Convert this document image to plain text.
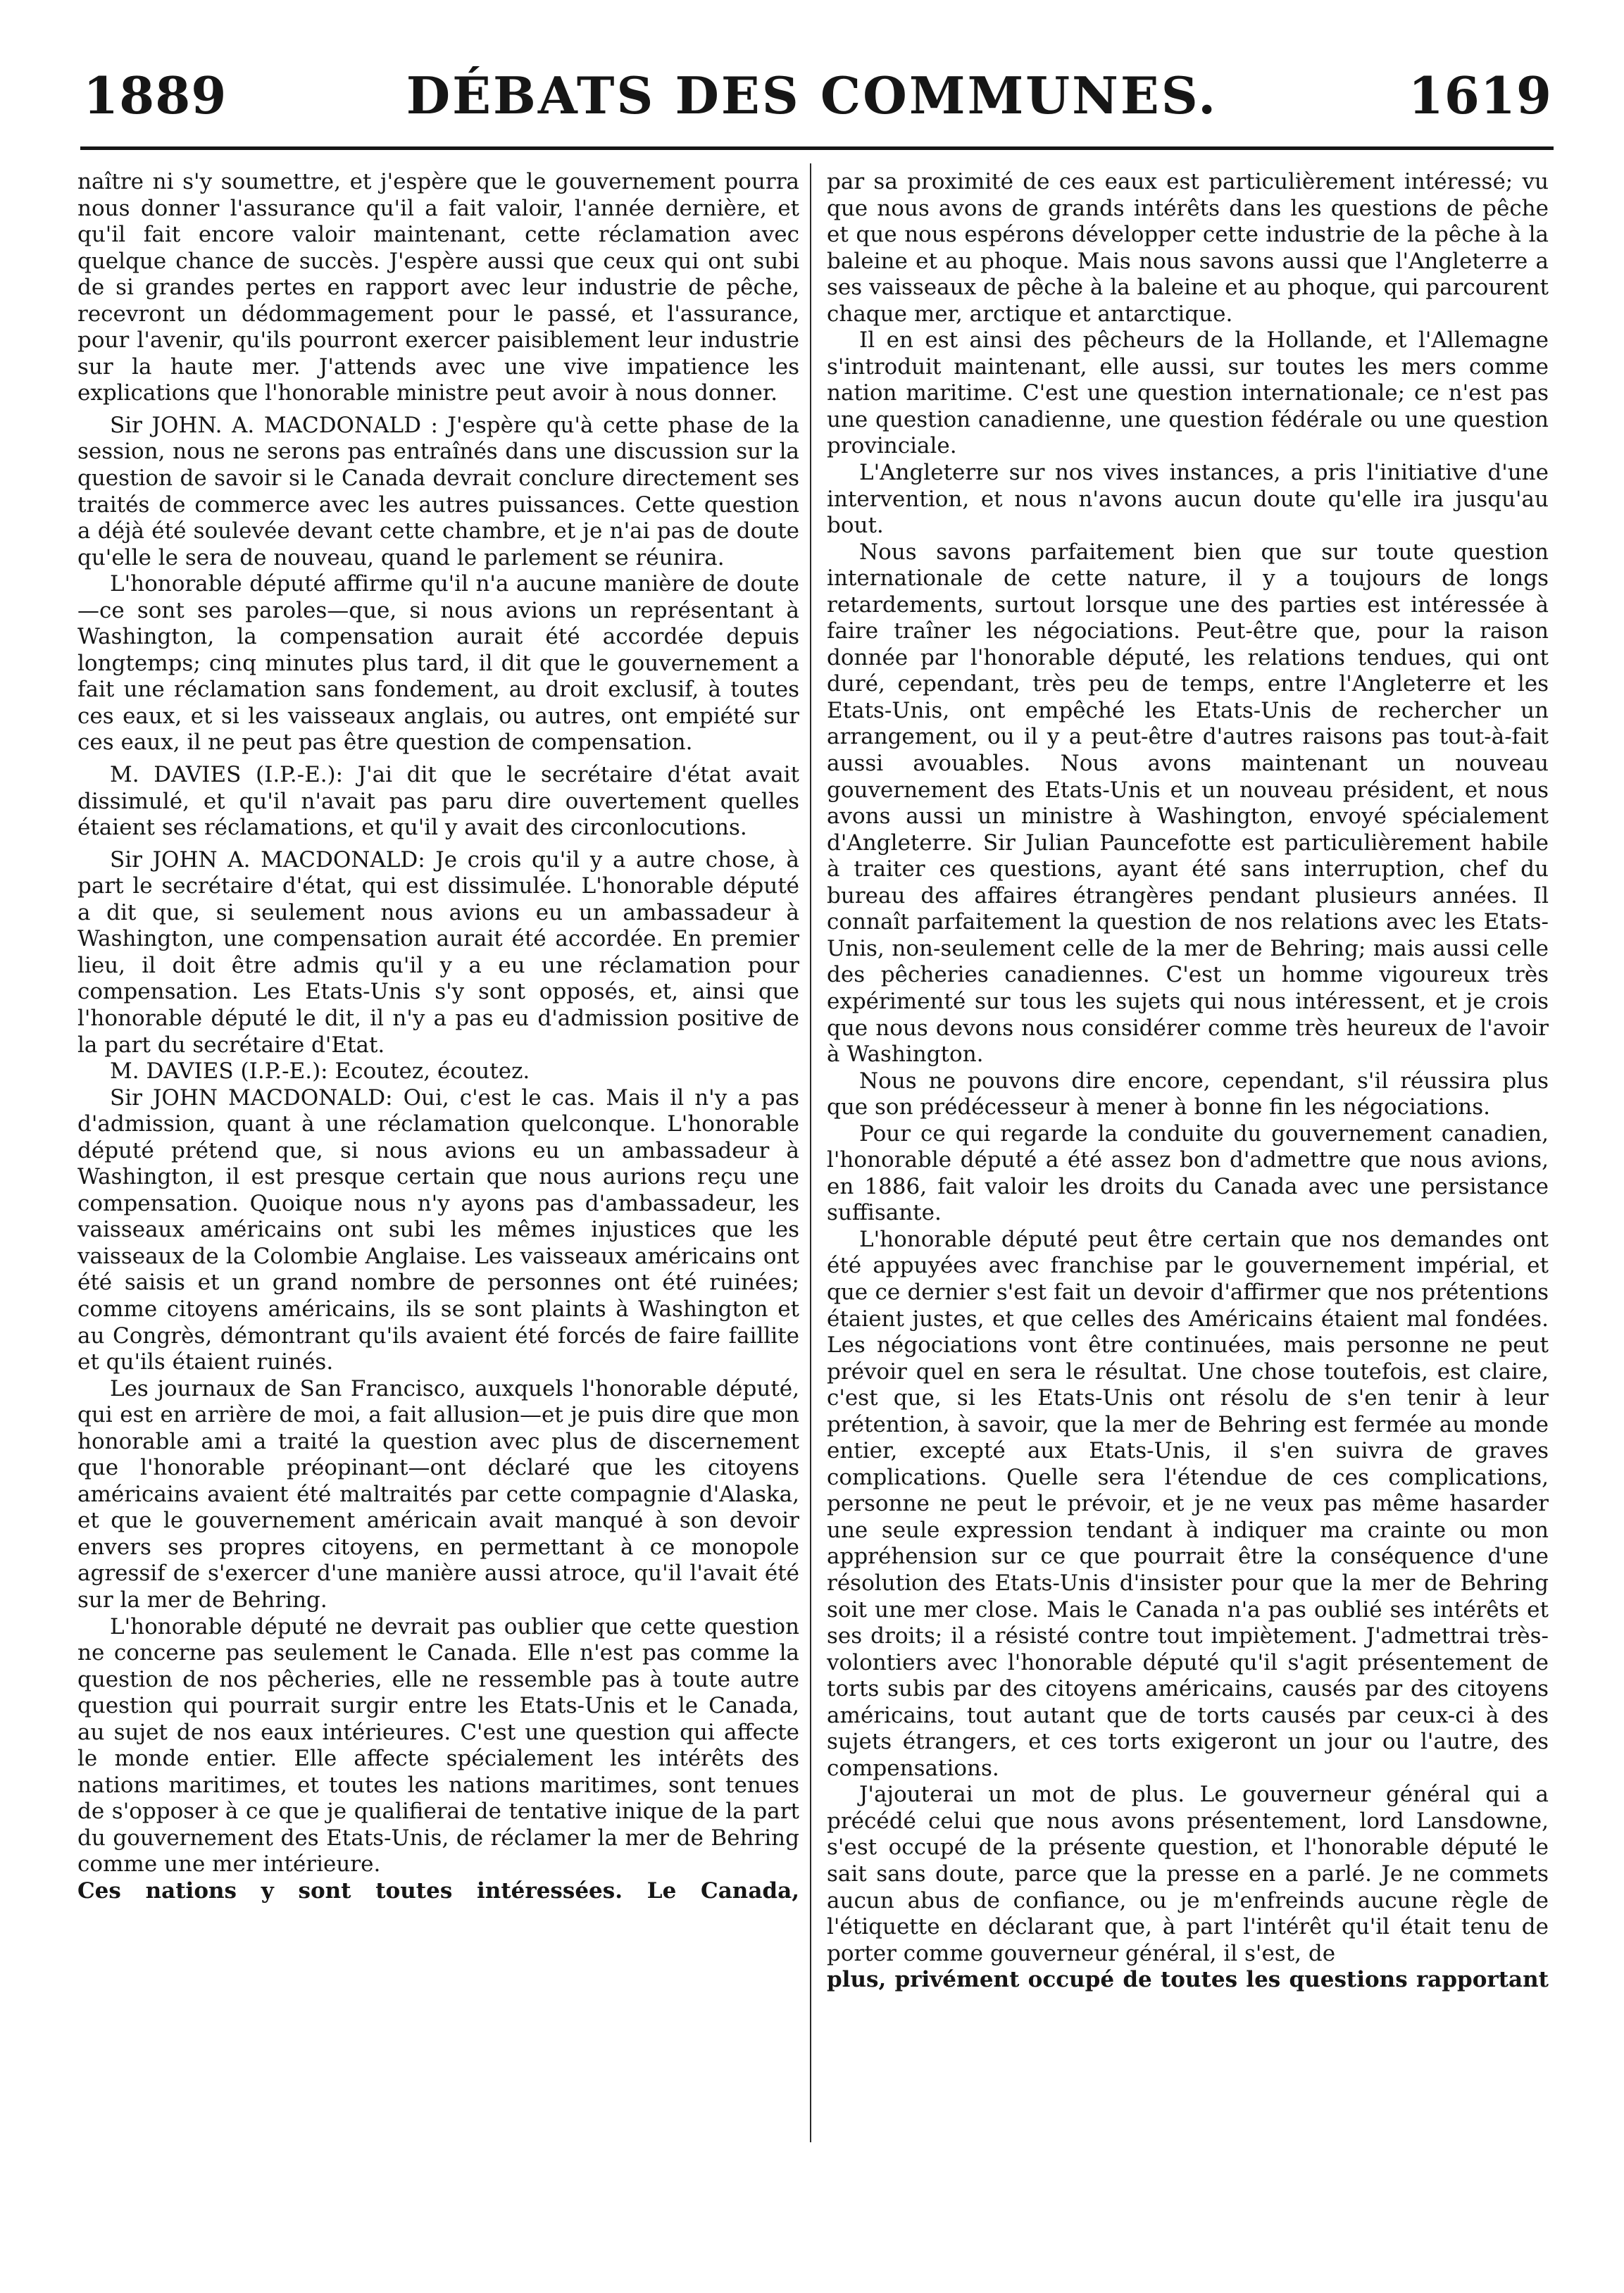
1889	DÉBATS DES COMMUNES.	1619

naître ni s'y soumettre, et j'espère que le gouvernement pourra nous donner l'assurance qu'il a fait valoir, l'année dernière, et qu'il fait encore valoir maintenant, cette réclamation avec quelque chance de succès. J'espère aussi que ceux qui ont subi de si grandes pertes en rapport avec leur industrie de pêche, recevront un dédommagement pour le passé, et l'assurance, pour l'avenir, qu'ils pourront exercer paisiblement leur industrie sur la haute mer. J'attends avec une vive impatience les explications que l'honorable ministre peut avoir à nous donner.

Sir JOHN. A. MACDONALD : J'espère qu'à cette phase de la session, nous ne serons pas entraînés dans une discussion sur la question de savoir si le Canada devrait conclure directement ses traités de commerce avec les autres puissances. Cette question a déjà été soulevée devant cette chambre, et je n'ai pas de doute qu'elle le sera de nouveau, quand le parlement se réunira.

L'honorable député affirme qu'il n'a aucune manière de doute—ce sont ses paroles—que, si nous avions un représentant à Washington, la compensation aurait été accordée depuis longtemps; cinq minutes plus tard, il dit que le gouvernement a fait une réclamation sans fondement, au droit exclusif, à toutes ces eaux, et si les vaisseaux anglais, ou autres, ont empiété sur ces eaux, il ne peut pas être question de compensation.

M. DAVIES (I.P.-E.): J'ai dit que le secrétaire d'état avait dissimulé, et qu'il n'avait pas paru dire ouvertement quelles étaient ses réclamations, et qu'il y avait des circonlocutions.

Sir JOHN A. MACDONALD: Je crois qu'il y a autre chose, à part le secrétaire d'état, qui est dissimulée. L'honorable député a dit que, si seulement nous avions eu un ambassadeur à Washington, une compensation aurait été accordée. En premier lieu, il doit être admis qu'il y a eu une réclamation pour compensation. Les Etats-Unis s'y sont opposés, et, ainsi que l'honorable député le dit, il n'y a pas eu d'admission positive de la part du secrétaire d'Etat.

M. DAVIES (I.P.-E.): Ecoutez, écoutez.

Sir JOHN MACDONALD: Oui, c'est le cas. Mais il n'y a pas d'admission, quant à une réclamation quelconque. L'honorable député prétend que, si nous avions eu un ambassadeur à Washington, il est presque certain que nous aurions reçu une compensation. Quoique nous n'y ayons pas d'ambassadeur, les vaisseaux américains ont subi les mêmes injustices que les vaisseaux de la Colombie Anglaise. Les vaisseaux américains ont été saisis et un grand nombre de personnes ont été ruinées; comme citoyens américains, ils se sont plaints à Washington et au Congrès, démontrant qu'ils avaient été forcés de faire faillite et qu'ils étaient ruinés.

Les journaux de San Francisco, auxquels l'honorable député, qui est en arrière de moi, a fait allusion—et je puis dire que mon honorable ami a traité la question avec plus de discernement que l'honorable préopinant—ont déclaré que les citoyens américains avaient été maltraités par cette compagnie d'Alaska, et que le gouvernement américain avait manqué à son devoir envers ses propres citoyens, en permettant à ce monopole agressif de s'exercer d'une manière aussi atroce, qu'il l'avait été sur la mer de Behring.

L'honorable député ne devrait pas oublier que cette question ne concerne pas seulement le Canada. Elle n'est pas comme la question de nos pêcheries, elle ne ressemble pas à toute autre question qui pourrait surgir entre les Etats-Unis et le Canada, au sujet de nos eaux intérieures. C'est une question qui affecte le monde entier. Elle affecte spécialement les intérêts des nations maritimes, et toutes les nations maritimes, sont tenues de s'opposer à ce que je qualifierai de tentative inique de la part du gouvernement des Etats-Unis, de réclamer la mer de Behring comme une mer intérieure.

Ces nations y sont toutes intéressées. Le Canada,

par sa proximité de ces eaux est particulièrement intéressé; vu que nous avons de grands intérêts dans les questions de pêche et que nous espérons développer cette industrie de la pêche à la baleine et au phoque. Mais nous savons aussi que l'Angleterre a ses vaisseaux de pêche à la baleine et au phoque, qui parcourent chaque mer, arctique et antarctique.

Il en est ainsi des pêcheurs de la Hollande, et l'Allemagne s'introduit maintenant, elle aussi, sur toutes les mers comme nation maritime. C'est une question internationale; ce n'est pas une question canadienne, une question fédérale ou une question provinciale.

L'Angleterre sur nos vives instances, a pris l'initiative d'une intervention, et nous n'avons aucun doute qu'elle ira jusqu'au bout.

Nous savons parfaitement bien que sur toute question internationale de cette nature, il y a toujours de longs retardements, surtout lorsque une des parties est intéressée à faire traîner les négociations. Peut-être que, pour la raison donnée par l'honorable député, les relations tendues, qui ont duré, cependant, très peu de temps, entre l'Angleterre et les Etats-Unis, ont empêché les Etats-Unis de rechercher un arrangement, ou il y a peut-être d'autres raisons pas tout-à-fait aussi avouables. Nous avons maintenant un nouveau gouvernement des Etats-Unis et un nouveau président, et nous avons aussi un ministre à Washington, envoyé spécialement d'Angleterre. Sir Julian Pauncefotte est particulièrement habile à traiter ces questions, ayant été sans interruption, chef du bureau des affaires étrangères pendant plusieurs années. Il connaît parfaitement la question de nos relations avec les Etats-Unis, non-seulement celle de la mer de Behring; mais aussi celle des pêcheries canadiennes. C'est un homme vigoureux très expérimenté sur tous les sujets qui nous intéressent, et je crois que nous devons nous considérer comme très heureux de l'avoir à Washington.

Nous ne pouvons dire encore, cependant, s'il réussira plus que son prédécesseur à mener à bonne fin les négociations.

Pour ce qui regarde la conduite du gouvernement canadien, l'honorable député a été assez bon d'admettre que nous avions, en 1886, fait valoir les droits du Canada avec une persistance suffisante.

L'honorable député peut être certain que nos demandes ont été appuyées avec franchise par le gouvernement impérial, et que ce dernier s'est fait un devoir d'affirmer que nos prétentions étaient justes, et que celles des Américains étaient mal fondées. Les négociations vont être continuées, mais personne ne peut prévoir quel en sera le résultat. Une chose toutefois, est claire, c'est que, si les Etats-Unis ont résolu de s'en tenir à leur prétention, à savoir, que la mer de Behring est fermée au monde entier, excepté aux Etats-Unis, il s'en suivra de graves complications. Quelle sera l'étendue de ces complications, personne ne peut le prévoir, et je ne veux pas même hasarder une seule expression tendant à indiquer ma crainte ou mon appréhension sur ce que pourrait être la conséquence d'une résolution des Etats-Unis d'insister pour que la mer de Behring soit une mer close. Mais le Canada n'a pas oublié ses intérêts et ses droits; il a résisté contre tout impiètement. J'admettrai très-volontiers avec l'honorable député qu'il s'agit présentement de torts subis par des citoyens américains, causés par des citoyens américains, tout autant que de torts causés par ceux-ci à des sujets étrangers, et ces torts exigeront un jour ou l'autre, des compensations.

J'ajouterai un mot de plus. Le gouverneur général qui a précédé celui que nous avons présentement, lord Lansdowne, s'est occupé de la présente question, et l'honorable député le sait sans doute, parce que la presse en a parlé. Je ne commets aucun abus de confiance, ou je m'enfreinds aucune règle de l'étiquette en déclarant que, à part l'intérêt qu'il était tenu de porter comme gouverneur général, il s'est, de

plus, privément occupé de toutes les questions rapportant
